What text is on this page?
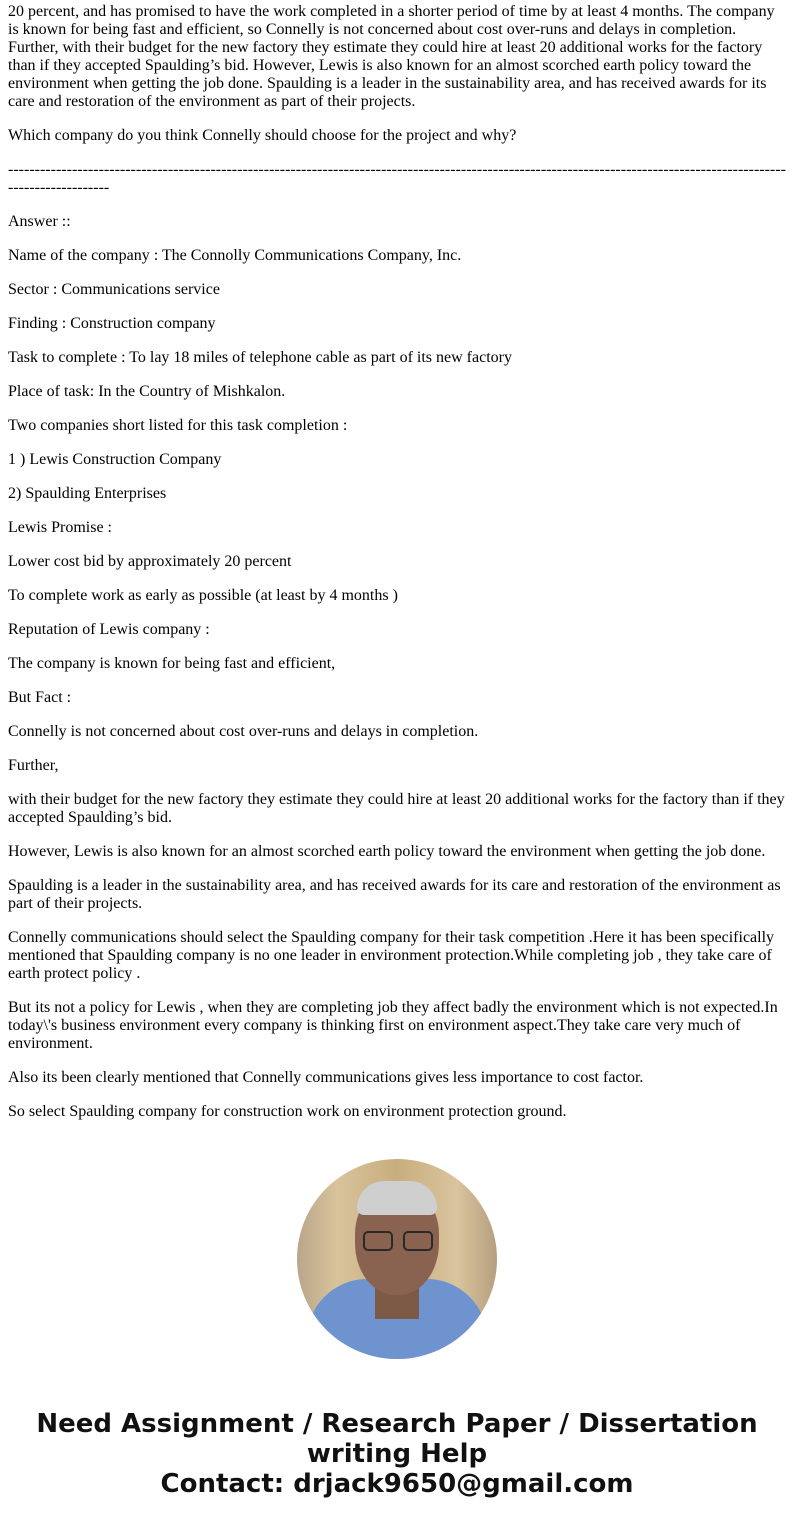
20 percent, and has promised to have the work completed in a shorter period of time by at least 4 months. The company is known for being fast and efficient, so Connelly is not concerned about cost over-runs and delays in completion. Further, with their budget for the new factory they estimate they could hire at least 20 additional works for the factory than if they accepted Spaulding’s bid. However, Lewis is also known for an almost scorched earth policy toward the environment when getting the job done. Spaulding is a leader in the sustainability area, and has received awards for its care and restoration of the environment as part of their projects.

Which company do you think Connelly should choose for the project and why?

---------------------------------------------------------------------------------------------------------------------------------------------------------------------

Answer ::

Name of the company : The Connolly Communications Company, Inc.

Sector : Communications service

Finding : Construction company

Task to complete : To lay 18 miles of telephone cable as part of its new factory

Place of task: In the Country of Mishkalon.

Two companies short listed for this task completion :

1 ) Lewis Construction Company

2) Spaulding Enterprises

Lewis Promise :

Lower cost bid by approximately 20 percent

To complete work as early as possible (at least by 4 months )

Reputation of Lewis company :

The company is known for being fast and efficient,

But Fact :

Connelly is not concerned about cost over-runs and delays in completion.

Further,

with their budget for the new factory they estimate they could hire at least 20 additional works for the factory than if they accepted Spaulding’s bid.

However, Lewis is also known for an almost scorched earth policy toward the environment when getting the job done.

Spaulding is a leader in the sustainability area, and has received awards for its care and restoration of the environment as part of their projects.

Connelly communications should select the Spaulding company for their task competition .Here it has been specifically mentioned that Spaulding company is no one leader in environment protection.While completing job , they take care of earth protect policy .

But its not a policy for Lewis , when they are completing job they affect badly the environment which is not expected.In today\'s business environment every company is thinking first on environment aspect.They take care very much of environment.

Also its been clearly mentioned that Connelly communications gives less importance to cost factor.

So select Spaulding company for construction work on environment protection ground.

Need Assignment / Research Paper / Dissertation writing Help
Contact: drjack9650@gmail.com
